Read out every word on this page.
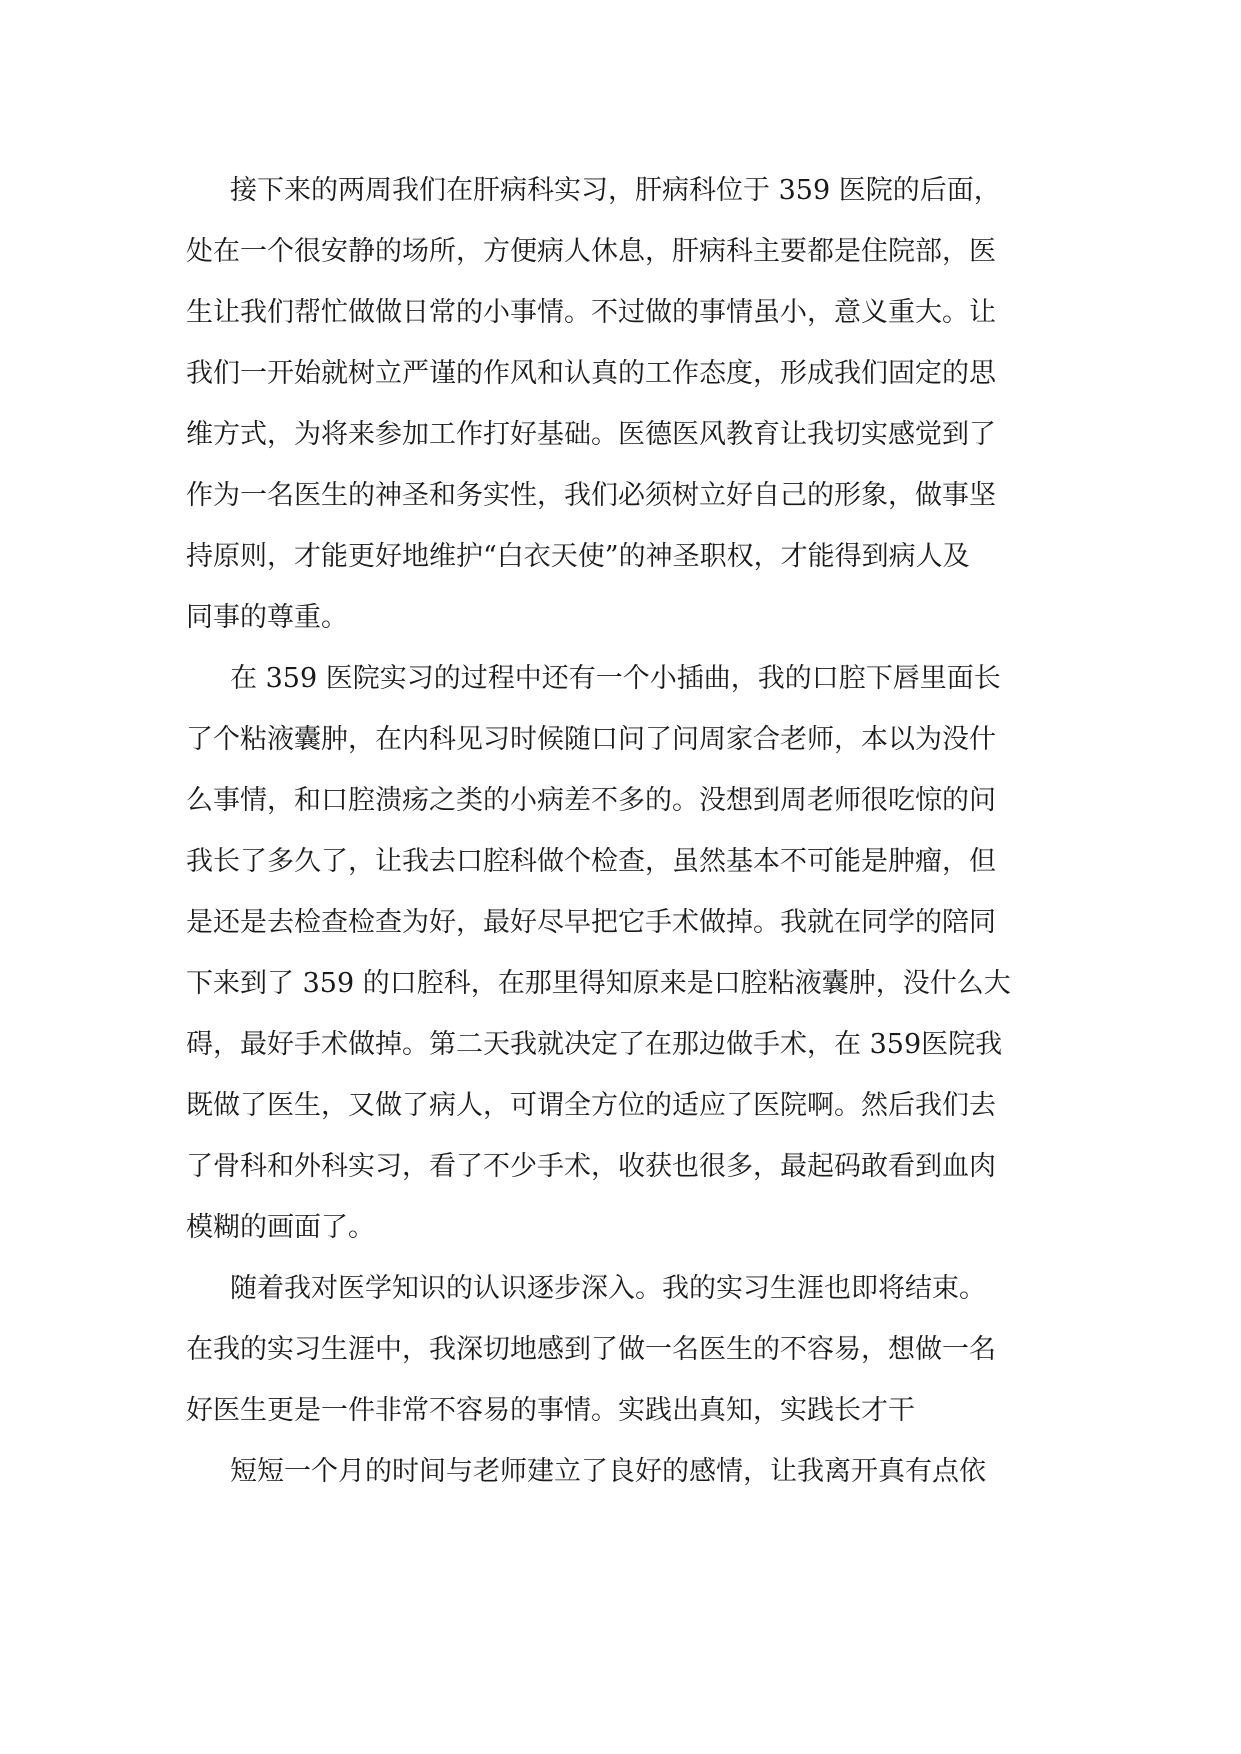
接下来的两周我们在肝病科实习，肝病科位于 359 医院的后面，
处在一个很安静的场所，方便病人休息，肝病科主要都是住院部，医
生让我们帮忙做做日常的小事情。不过做的事情虽小，意义重大。让
我们一开始就树立严谨的作风和认真的工作态度，形成我们固定的思
维方式，为将来参加工作打好基础。医德医风教育让我切实感觉到了
作为一名医生的神圣和务实性，我们必须树立好自己的形象，做事坚
持原则，才能更好地维护“白衣天使”的神圣职权，才能得到病人及
同事的尊重。
在 359 医院实习的过程中还有一个小插曲，我的口腔下唇里面长
了个粘液囊肿，在内科见习时候随口问了问周家合老师，本以为没什
么事情，和口腔溃疡之类的小病差不多的。没想到周老师很吃惊的问
我长了多久了，让我去口腔科做个检查，虽然基本不可能是肿瘤，但
是还是去检查检查为好，最好尽早把它手术做掉。我就在同学的陪同
下来到了 359 的口腔科，在那里得知原来是口腔粘液囊肿，没什么大
碍，最好手术做掉。第二天我就决定了在那边做手术，在 359医院我
既做了医生，又做了病人，可谓全方位的适应了医院啊。然后我们去
了骨科和外科实习，看了不少手术，收获也很多，最起码敢看到血肉
模糊的画面了。
随着我对医学知识的认识逐步深入。我的实习生涯也即将结束。
在我的实习生涯中，我深切地感到了做一名医生的不容易，想做一名
好医生更是一件非常不容易的事情。实践出真知，实践长才干
短短一个月的时间与老师建立了良好的感情，让我离开真有点依
